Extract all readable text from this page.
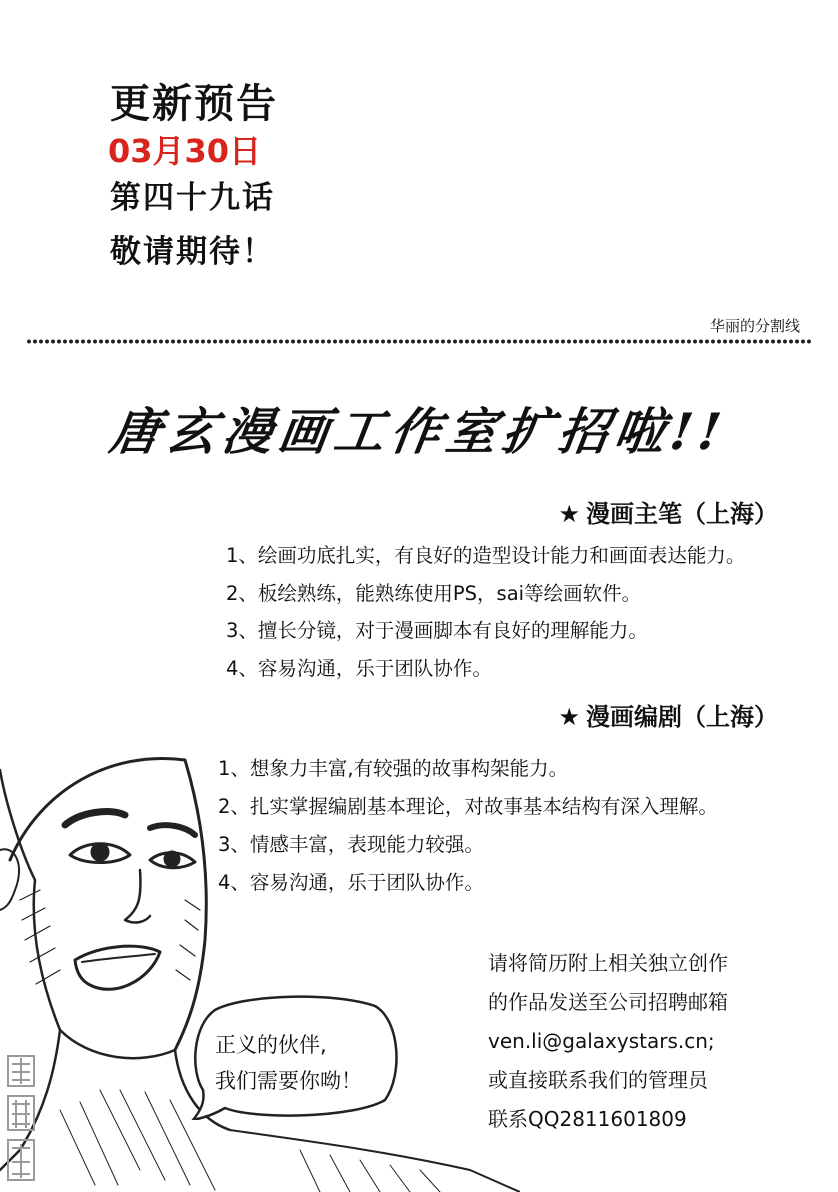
更新预告
03月30日
第四十九话
敬请期待！
华丽的分割线
唐玄漫画工作室扩招啦!!
正义的伙伴,
我们需要你呦！
★ 漫画主笔（上海）
1、绘画功底扎实，有良好的造型设计能力和画面表达能力。
2、板绘熟练，能熟练使用PS，sai等绘画软件。
3、擅长分镜，对于漫画脚本有良好的理解能力。
4、容易沟通，乐于团队协作。
★ 漫画编剧（上海）
1、想象力丰富,有较强的故事构架能力。
2、扎实掌握编剧基本理论，对故事基本结构有深入理解。
3、情感丰富，表现能力较强。
4、容易沟通，乐于团队协作。
请将简历附上相关独立创作
的作品发送至公司招聘邮箱
ven.li@galaxystars.cn;
或直接联系我们的管理员
联系QQ2811601809
